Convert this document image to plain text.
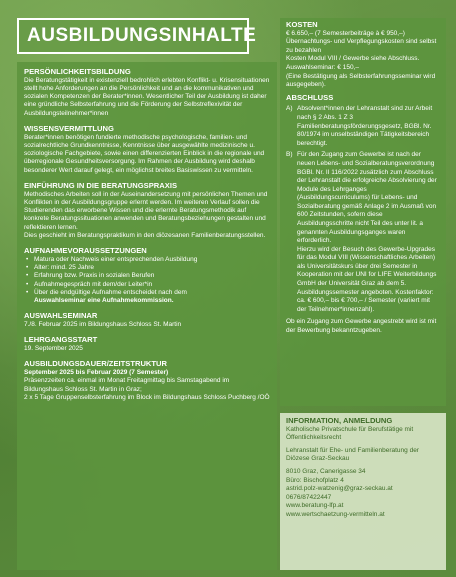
AUSBILDUNGSINHALTE
PERSÖNLICHKEITSBILDUNG

Die Beratungstätigkeit in existenziell bedrohlich erlebten Konflikt- u. Krisensituationen stellt hohe Anforderungen an die Persönlichkeit und an die kommunikativen und sozialen Kompetenzen der Berater*innen. Wesentlicher Teil der Ausbildung ist daher eine gründliche Selbsterfahrung und die Förderung der Selbstreflexivität der Ausbildungsteilnehmer*innen

WISSENSVERMITTLUNG

Berater*innen benötigen fundierte methodische psychologische, familien- und sozialrechtliche Grundkenntnisse, Kenntnisse über ausgewählte medizinische u. soziologische Fachgebiete, sowie einen differenzierten Einblick in die regionale und überregionale Gesundheitsversorgung. Im Rahmen der Ausbildung wird deshalb besonderer Wert darauf gelegt, ein möglichst breites Basiswissen zu vermitteln.

EINFÜHRUNG IN DIE BERATUNGSPRAXIS

Methodisches Arbeiten soll in der Auseinandersetzung mit persönlichen Themen und Konflikten in der Ausbildungsgruppe erlernt werden. Im weiteren Verlauf sollen die Studierenden das erworbene Wissen und die erlernte Beratungsmethodik auf konkrete Beratungssituationen anwenden und Beratungsbeziehungen gestalten und reflektieren lernen.

Dies geschieht im Beratungspraktikum in den diözesanen Familienberatungsstellen.

AUFNAHMEVORAUSSETZUNGEN
• Matura oder Nachweis einer entsprechenden Ausbildung
• Alter: mind. 25 Jahre
• Erfahrung bzw. Praxis in sozialen Berufen
• Aufnahmegespräch mit dem/der Leiter*in
• Über die endgültige Aufnahme entscheidet nach dem

Auswahlseminar eine Aufnahmekommission.

AUSWAHLSEMINAR

7./8. Februar 2025 im Bildungshaus Schloss St. Martin

LEHRGANGSSTART

19. September 2025

AUSBILDUNGSDAUER/ZEITSTRUKTUR

September 2025 bis Februar 2029 (7 Semester)

Präsenzzeiten ca. einmal im Monat Freitagmittag bis Samstagabend im Bildungshaus Schloss St. Martin in Graz;

2 x 5 Tage Gruppenselbsterfahrung im Block im Bildungshaus Schloss Puchberg /OÖ

KOSTEN

€ 6.650,– (7 Semesterbeiträge à € 950,–) Übernachtungs- und Verpflegungskosten sind selbst zu bezahlen

Kosten Modul VIII / Gewerbe siehe Abschluss.

Auswahlseminar: € 150,–

(Eine Bestätigung als Selbsterfahrungsseminar wird ausgegeben).

ABSCHLUSS
A) Absolvent*innen der Lehranstalt sind zur Arbeit nach § 2 Abs. 1 Z 3 Familienberatungsförderungsgesetz, BGBl. Nr. 80/1974 im unselbständigen Tätigkeitsbereich berechtigt.
B) Für den Zugang zum Gewerbe ist nach der neuen Lebens- und Sozialberatungsverordnung BGBl. Nr. II 116/2022 zusätzlich zum Abschluss der Lehranstalt die erfolgreiche Absolvierung der Module des Lehrganges (Ausbildungscurriculums) für Lebens- und Sozialberatung gemäß Anlage 2 im Ausmaß von 600 Zeitstunden, sofern diese Ausbildungsschritte nicht Teil des unter lit. a genannten Ausbildungsganges waren erforderlich.
Hierzu wird der Besuch des Gewerbe-Upgrades für das Modul VIII (Wissenschaftliches Arbeiten) als Universitätskurs über drei Semester in Kooperation mit der UNI for LIFE Weiterbildungs GmbH der Universität Graz ab dem 5. Ausbildungssemester angeboten. Kostenfaktor: ca. € 600,– bis € 700,– / Semester (variiert mit der Teilnehmer*innenzahl).

Ob ein Zugang zum Gewerbe angestrebt wird ist mit der Bewerbung bekanntzugeben.

INFORMATION, ANMELDUNG

Katholische Privatschule für Berufstätige mit Öffentlichkeitsrecht

Lehranstalt für Ehe- und Familienberatung der Diözese Graz-Seckau

8010 Graz, Canerigasse 34

Büro: Bischofplatz 4

astrid.polz-watzenig@graz-seckau.at

0676/87422447

www.beratung-lfp.at

www.wertschaetzung-vermitteln.at
